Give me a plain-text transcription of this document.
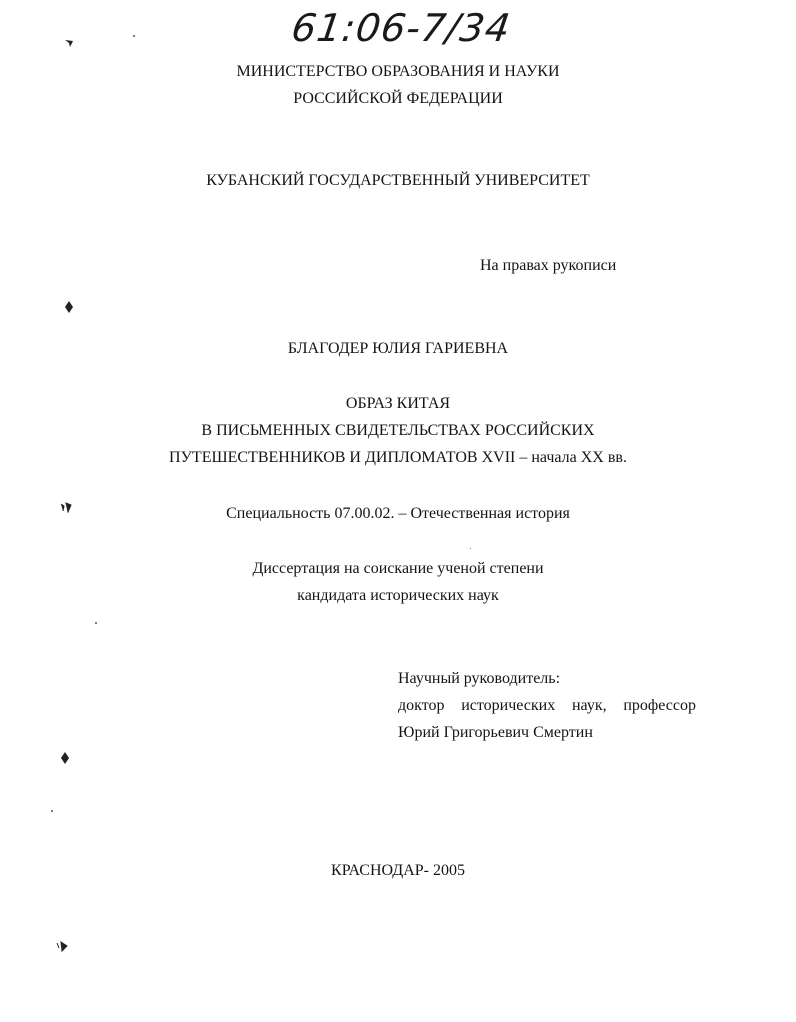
61:06-7/34
МИНИСТЕРСТВО ОБРАЗОВАНИЯ И НАУКИ
РОССИЙСКОЙ ФЕДЕРАЦИИ
КУБАНСКИЙ ГОСУДАРСТВЕННЫЙ УНИВЕРСИТЕТ
На правах рукописи
БЛАГОДЕР ЮЛИЯ ГАРИЕВНА
ОБРАЗ КИТАЯ
В ПИСЬМЕННЫХ СВИДЕТЕЛЬСТВАХ РОССИЙСКИХ
ПУТЕШЕСТВЕННИКОВ И ДИПЛОМАТОВ XVII – начала XX вв.
Специальность 07.00.02. – Отечественная история
Диссертация на соискание ученой степени
кандидата исторических наук
Научный руководитель:
доктор исторических наук, профессор
Юрий Григорьевич Смертин
КРАСНОДАР- 2005
